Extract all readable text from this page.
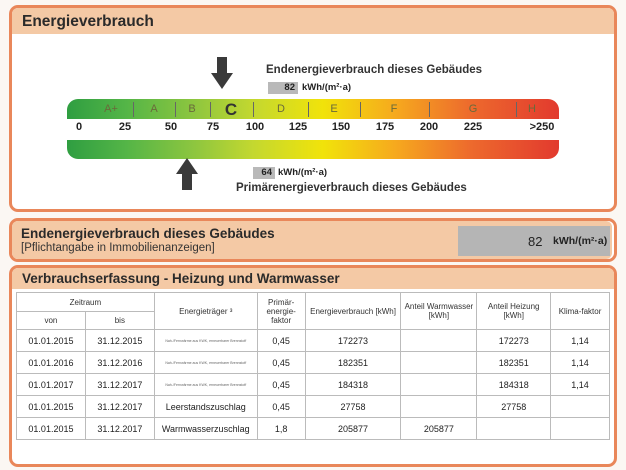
Energieverbrauch
Endenergieverbrauch dieses Gebäudes
82 kWh/(m²·a)
A+	A	B C	D	E	F	G	H
0	25	50	75 100 125 150 175 200 225	>250
64 kWh/(m²·a)
Primärenergieverbrauch dieses Gebäudes
Endenergieverbrauch dieses Gebäudes
[Pflichtangabe in Immobilienanzeigen]	82 kWh/(m²·a)
Verbrauchserfassung - Heizung und Warmwasser
Zeitraum		Energieträger ³	Primär-energie-faktor	Energieverbrauch [kWh]	Anteil Warmwasser [kWh]	Anteil Heizung [kWh]	Klima-faktor
von	bis						
01.01.2015	31.12.2015	Nah-/Fernwärme aus KWK, erneuerbarer Brennstoff	0,45	172273		172273	1,14
01.01.2016	31.12.2016	Nah-/Fernwärme aus KWK, erneuerbarer Brennstoff	0,45	182351		182351	1,14
01.01.2017	31.12.2017	Nah-/Fernwärme aus KWK, erneuerbarer Brennstoff	0,45	184318		184318	1,14
01.01.2015	31.12.2017	Leerstandszuschlag	0,45	27758		27758	
01.01.2015	31.12.2017	Warmwasserzuschlag	1,8	205877	205877		
